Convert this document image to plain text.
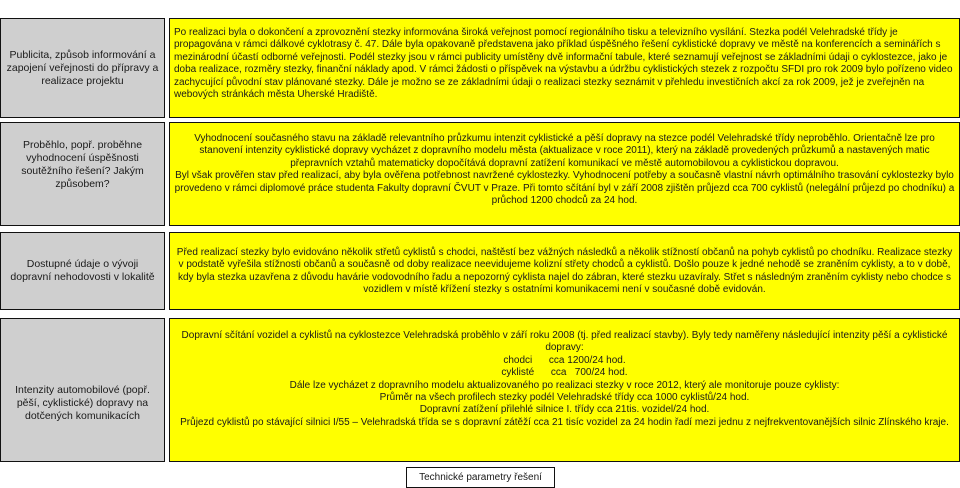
Publicita, způsob informování a zapojení veřejnosti do přípravy a realizace projektu

Po realizaci byla o dokončení a zprovoznění stezky informována široká veřejnost pomocí regionálního tisku a televizního vysílání. Stezka podél Velehradské třídy je propagována v rámci dálkové cyklotrasy č. 47. Dále byla opakovaně představena jako příklad úspěšného řešení cyklistické dopravy ve městě na konferencích a seminářích s mezinárodní účastí odborné veřejnosti. Podél stezky jsou v rámci publicity umístěny dvě informační tabule, které seznamují veřejnost se základními údaji o cyklostezce, jako je doba realizace, rozměry stezky, finanční náklady apod. V rámci žádosti o příspěvek na výstavbu a údržbu cyklistických stezek z rozpočtu SFDI pro rok 2009 bylo pořízeno video zachycující původní stav plánované stezky. Dále je možno se ze základními údaji o realizaci stezky seznámit v přehledu investičních akcí za rok 2009, jež je zveřejněn na webových stránkách města Uherské Hradiště.

Proběhlo, popř. proběhne vyhodnocení úspěšnosti soutěžního řešení? Jakým způsobem?

Vyhodnocení současného stavu na základě relevantního průzkumu intenzit cyklistické a pěší dopravy na stezce podél Velehradské třídy neproběhlo. Orientačně lze pro stanovení intenzity cyklistické dopravy vycházet z dopravního modelu města (aktualizace v roce 2011), který na základě provedených průzkumů a nastavených matic přepravních vztahů matematicky dopočítává dopravní zatížení komunikací ve městě automobilovou a cyklistickou dopravou.

Byl však prověřen stav před realizací, aby byla ověřena potřebnost navržené cyklostezky. Vyhodnocení potřeby a současně vlastní návrh optimálního trasování cyklostezky bylo provedeno v rámci diplomové práce studenta Fakulty dopravní ČVUT v Praze. Při tomto sčítání byl v září 2008 zjištěn průjezd cca 700 cyklistů (nelegální průjezd po chodníku) a průchod 1200 chodců za 24 hod.

Dostupné údaje o vývoji dopravní nehodovosti v lokalitě

Před realizací stezky bylo evidováno několik střetů cyklistů s chodci, naštěstí bez vážných následků a několik stížností občanů na pohyb cyklistů po chodníku. Realizace stezky v podstatě vyřešila stížnosti občanů a současně od doby realizace neevidujeme kolizní střety chodců a cyklistů. Došlo pouze k jedné nehodě se zraněním cyklisty, a to v době, kdy byla stezka uzavřena z důvodu havárie vodovodního řadu a nepozorný cyklista najel do zábran, které stezku uzavíraly. Střet s následným zraněním cyklisty nebo chodce s vozidlem v místě křížení stezky s ostatními komunikacemi není v současné době evidován.

Intenzity automobilové (popř. pěší, cyklistické) dopravy na dotčených komunikacích

Dopravní sčítání vozidel a cyklistů na cyklostezce Velehradská proběhlo v září roku 2008 (tj. před realizací stavby). Byly tedy naměřeny následující intenzity pěší a cyklistické dopravy:

chodci      cca 1200/24 hod.

cyklisté      cca   700/24 hod.

Dále lze vycházet z dopravního modelu aktualizovaného po realizaci stezky v roce 2012, který ale monitoruje pouze cyklisty:

Průměr na všech profilech stezky podél Velehradské třídy cca 1000 cyklistů/24 hod.

Dopravní zatížení přilehlé silnice I. třídy cca 21tis. vozidel/24 hod.

Průjezd cyklistů po stávající silnici I/55 – Velehradská třída se s dopravní zátěží cca 21 tisíc vozidel za 24 hodin řadí mezi jednu z nejfrekventovanějších silnic Zlínského kraje.

Technické parametry řešení
